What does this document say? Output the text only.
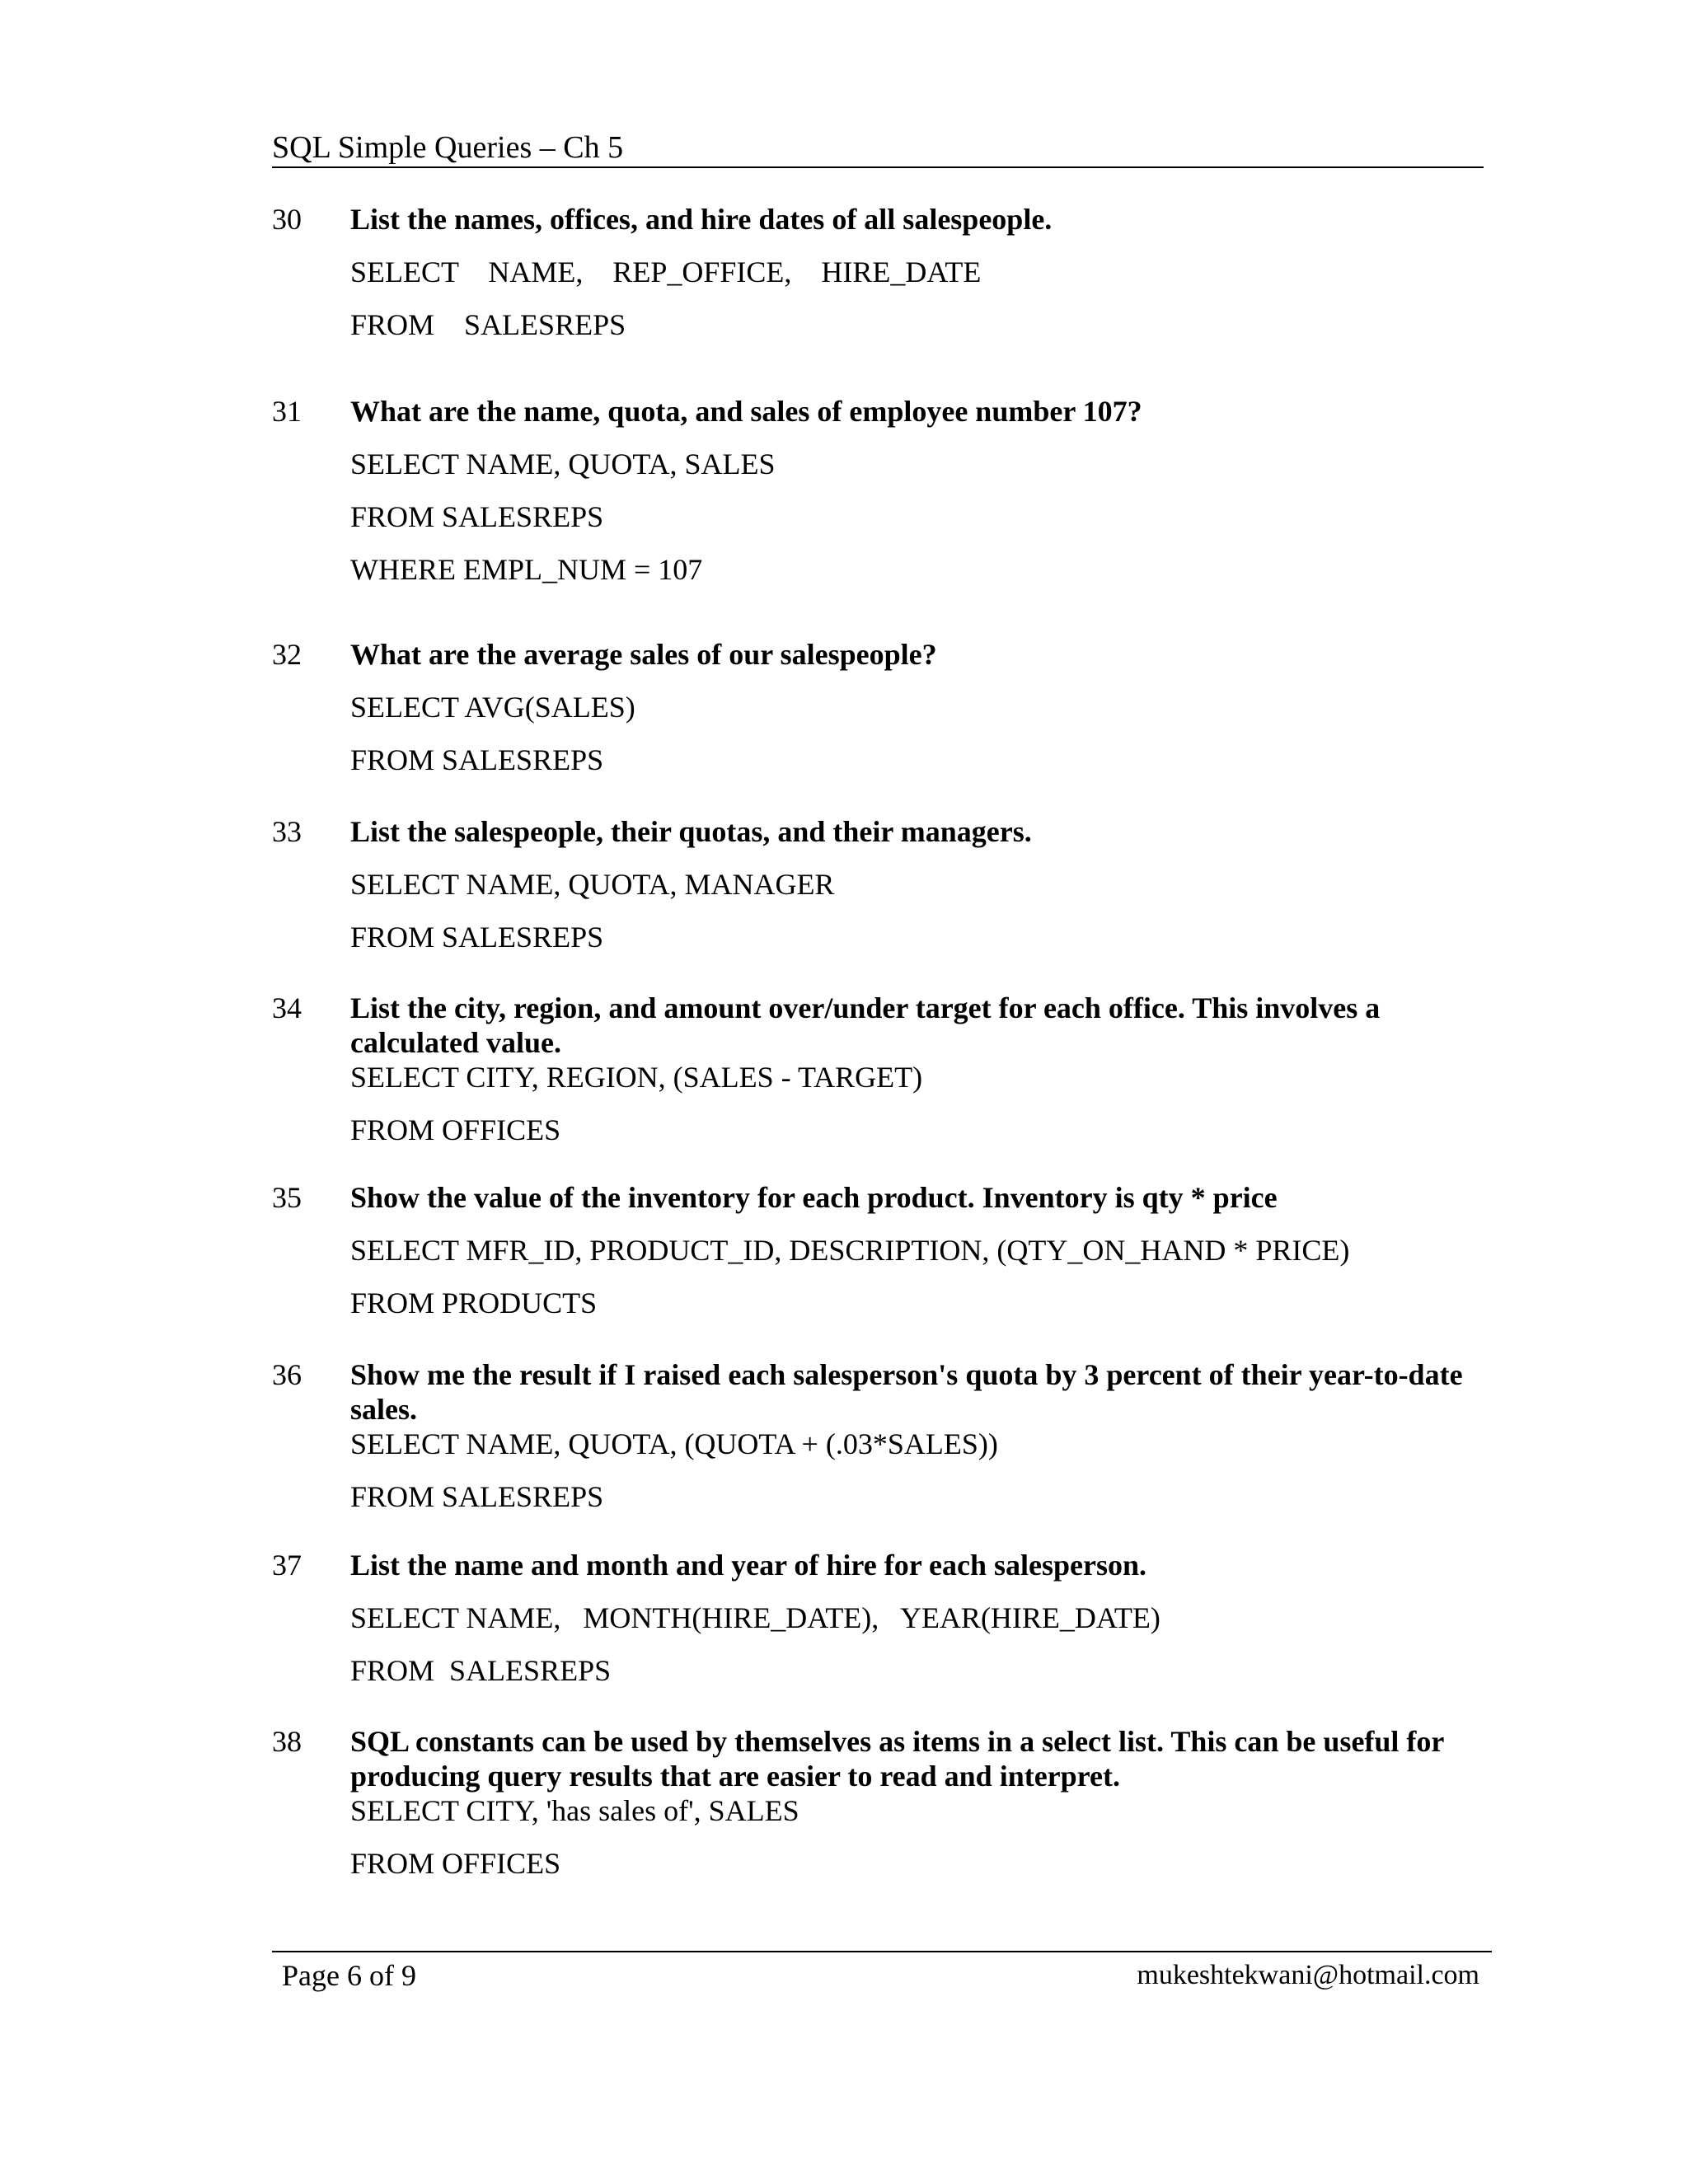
SQL Simple Queries – Ch 5
30 List the names, offices, and hire dates of all salespeople.

SELECT    NAME,    REP_OFFICE,    HIRE_DATE

FROM    SALESREPS

31 What are the name, quota, and sales of employee number 107?

SELECT NAME, QUOTA, SALES

FROM SALESREPS

WHERE EMPL_NUM = 107

32 What are the average sales of our salespeople?

SELECT AVG(SALES)

FROM SALESREPS

33 List the salespeople, their quotas, and their managers.

SELECT NAME, QUOTA, MANAGER

FROM SALESREPS

34 List the city, region, and amount over/under target for each office. This involves a calculated value.

SELECT CITY, REGION, (SALES - TARGET)

FROM OFFICES

35 Show the value of the inventory for each product. Inventory is qty * price

SELECT MFR_ID, PRODUCT_ID, DESCRIPTION, (QTY_ON_HAND * PRICE)

FROM PRODUCTS

36 Show me the result if I raised each salesperson's quota by 3 percent of their year-to-date sales.

SELECT NAME, QUOTA, (QUOTA + (.03*SALES))

FROM SALESREPS

37 List the name and month and year of hire for each salesperson.

SELECT NAME,   MONTH(HIRE_DATE),   YEAR(HIRE_DATE)

FROM  SALESREPS

38 SQL constants can be used by themselves as items in a select list. This can be useful for producing query results that are easier to read and interpret.

SELECT CITY, 'has sales of', SALES

FROM OFFICES

Page 6 of 9	mukeshtekwani@hotmail.com
